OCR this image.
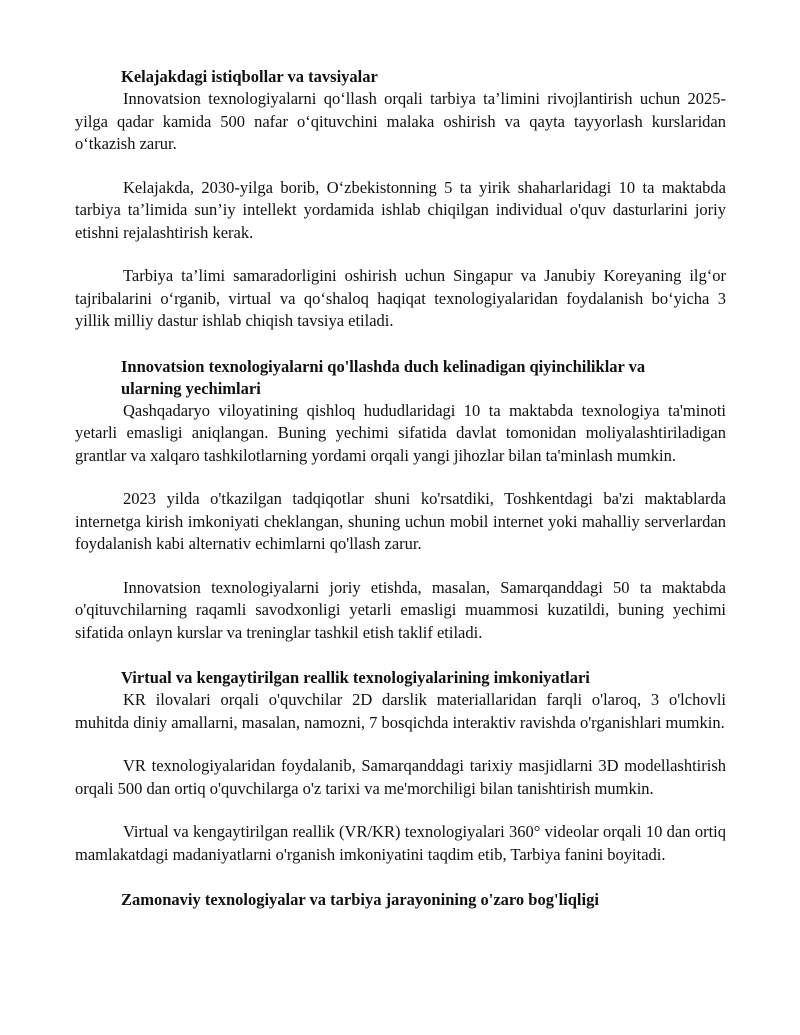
Kelajakdagi istiqbollar va tavsiyalar

Innovatsion texnologiyalarni qo‘llash orqali tarbiya ta’limini rivojlantirish uchun 2025-yilga qadar kamida 500 nafar o‘qituvchini malaka oshirish va qayta tayyorlash kurslaridan o‘tkazish zarur.

Kelajakda, 2030-yilga borib, O‘zbekistonning 5 ta yirik shaharlaridagi 10 ta maktabda tarbiya ta’limida sun’iy intellekt yordamida ishlab chiqilgan individual o'quv dasturlarini joriy etishni rejalashtirish kerak.

Tarbiya ta’limi samaradorligini oshirish uchun Singapur va Janubiy Koreyaning ilg‘or tajribalarini o‘rganib, virtual va qo‘shaloq haqiqat texnologiyalaridan foydalanish bo‘yicha 3 yillik milliy dastur ishlab chiqish tavsiya etiladi.

Innovatsion texnologiyalarni qo'llashda duch kelinadigan qiyinchiliklar va ularning yechimlari

Qashqadaryo viloyatining qishloq hududlaridagi 10 ta maktabda texnologiya ta'minoti yetarli emasligi aniqlangan. Buning yechimi sifatida davlat tomonidan moliyalashtiriladigan grantlar va xalqaro tashkilotlarning yordami orqali yangi jihozlar bilan ta'minlash mumkin.

2023 yilda o'tkazilgan tadqiqotlar shuni ko'rsatdiki, Toshkentdagi ba'zi maktablarda internetga kirish imkoniyati cheklangan, shuning uchun mobil internet yoki mahalliy serverlardan foydalanish kabi alternativ echimlarni qo'llash zarur.

Innovatsion texnologiyalarni joriy etishda, masalan, Samarqanddagi 50 ta maktabda o'qituvchilarning raqamli savodxonligi yetarli emasligi muammosi kuzatildi, buning yechimi sifatida onlayn kurslar va treninglar tashkil etish taklif etiladi.

Virtual va kengaytirilgan reallik texnologiyalarining imkoniyatlari

KR ilovalari orqali o'quvchilar 2D darslik materiallaridan farqli o'laroq, 3 o'lchovli muhitda diniy amallarni, masalan, namozni, 7 bosqichda interaktiv ravishda o'rganishlari mumkin.

VR texnologiyalaridan foydalanib, Samarqanddagi tarixiy masjidlarni 3D modellashtirish orqali 500 dan ortiq o'quvchilarga o'z tarixi va me'morchiligi bilan tanishtirish mumkin.

Virtual va kengaytirilgan reallik (VR/KR) texnologiyalari 360° videolar orqali 10 dan ortiq mamlakatdagi madaniyatlarni o'rganish imkoniyatini taqdim etib, Tarbiya fanini boyitadi.

Zamonaviy texnologiyalar va tarbiya jarayonining o'zaro bog'liqligi
